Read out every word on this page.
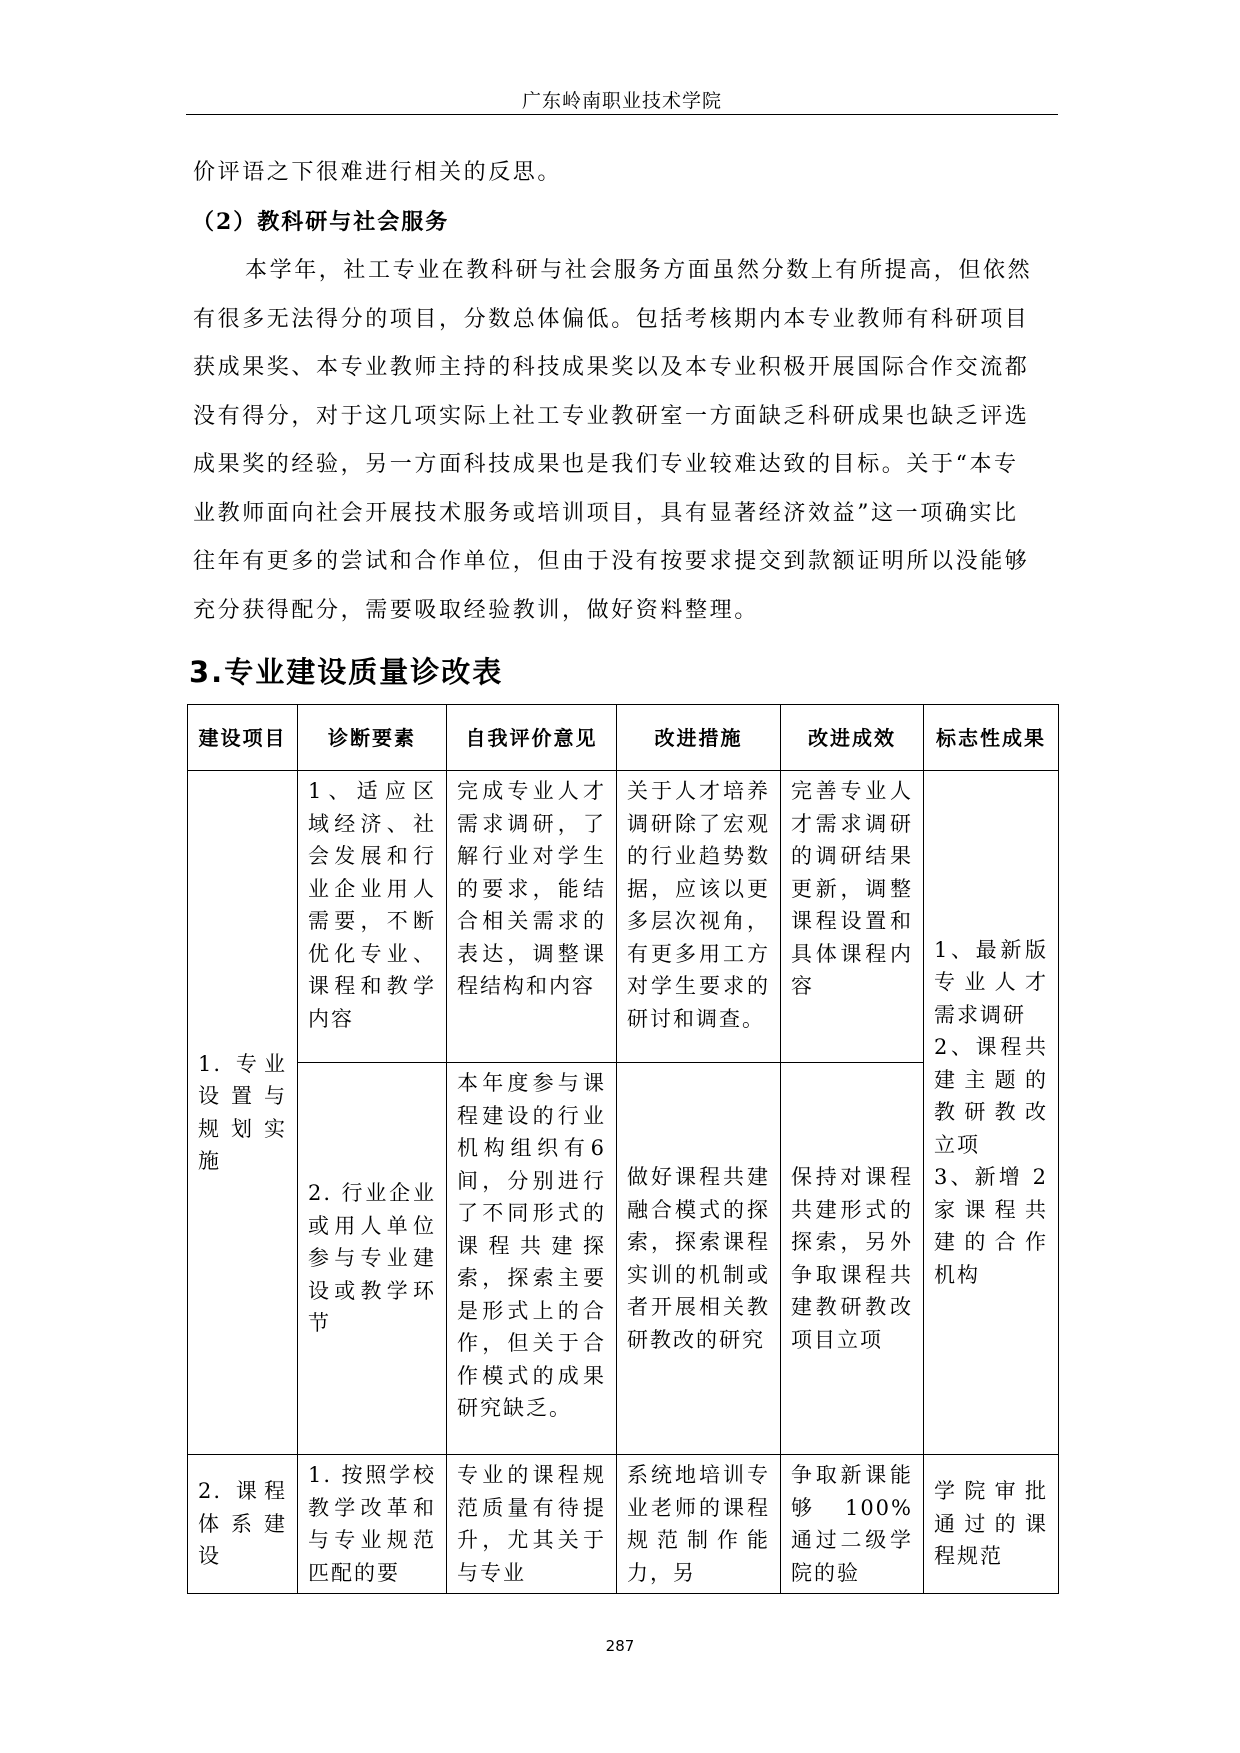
广东岭南职业技术学院

价评语之下很难进行相关的反思。

（2）教科研与社会服务

本学年，社工专业在教科研与社会服务方面虽然分数上有所提高，但依然有很多无法得分的项目，分数总体偏低。包括考核期内本专业教师有科研项目获成果奖、本专业教师主持的科技成果奖以及本专业积极开展国际合作交流都没有得分，对于这几项实际上社工专业教研室一方面缺乏科研成果也缺乏评选成果奖的经验，另一方面科技成果也是我们专业较难达致的目标。关于“本专业教师面向社会开展技术服务或培训项目，具有显著经济效益”这一项确实比往年有更多的尝试和合作单位，但由于没有按要求提交到款额证明所以没能够充分获得配分，需要吸取经验教训，做好资料整理。

3.专业建设质量诊改表
建设项目	诊断要素	自我评价意见	改进措施	改进成效	标志性成果
1. 专业设置与规划实施	1、适应区域经济、社会发展和行业企业用人需要，不断优化专业、课程和教学内容	完成专业人才需求调研，了解行业对学生的要求，能结合相关需求的表达，调整课程结构和内容	关于人才培养调研除了宏观的行业趋势数据，应该以更多层次视角，有更多用工方对学生要求的研讨和调查。	完善专业人才需求调研的调研结果更新，调整课程设置和具体课程内容	1、最新版专业人才需求调研
2、课程共建主题的教研教改立项
3、新增 2 家课程共建的合作机构
	2. 行业企业或用人单位参与专业建设或教学环节	本年度参与课程建设的行业机构组织有6间，分别进行了不同形式的课程共建探索，探索主要是形式上的合作，但关于合作模式的成果研究缺乏。	做好课程共建融合模式的探索，探索课程实训的机制或者开展相关教研教改的研究	保持对课程共建形式的探索，另外争取课程共建教研教改项目立项	
2. 课程体系建设	1. 按照学校教学改革和与专业规范匹配的要	专业的课程规范质量有待提升，尤其关于与专业	系统地培训专业老师的课程规范制作能力，另	争取新课能够 100% 通过二级学院的验	学院审批通过的课程规范
287
